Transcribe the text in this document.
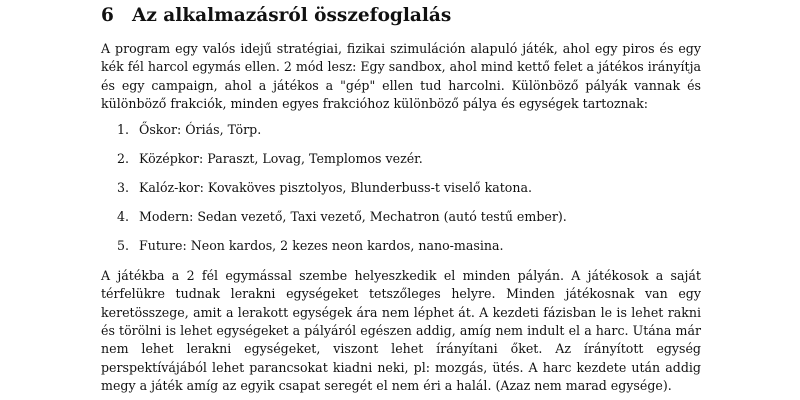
6 Az alkalmazásról összefoglalás

A program egy valós idejű stratégiai, fizikai szimuláción alapuló játék, ahol egy piros és egy kék fél harcol egymás ellen. 2 mód lesz: Egy sandbox, ahol mind kettő felet a játékos irányítja és egy campaign, ahol a játékos a "gép" ellen tud harcolni. Különböző pályák vannak és különböző frakciók, minden egyes frakcióhoz különböző pálya és egységek tartoznak:

1. Őskor: Óriás, Törp.
2. Középkor: Paraszt, Lovag, Templomos vezér.
3. Kalóz-kor: Kovaköves pisztolyos, Blunderbuss-t viselő katona.
4. Modern: Sedan vezető, Taxi vezető, Mechatron (autó testű ember).
5. Future: Neon kardos, 2 kezes neon kardos, nano-masina.

A játékba a 2 fél egymással szembe helyeszkedik el minden pályán. A játékosok a saját térfelükre tudnak lerakni egységeket tetszőleges helyre. Minden játékosnak van egy keretösszege, amit a lerakott egységek ára nem léphet át. A kezdeti fázisban le is lehet rakni és törölni is lehet egységeket a pályáról egészen addig, amíg nem indult el a harc. Utána már nem lehet lerakni egységeket, viszont lehet írányítani őket. Az írányított egység perspektívájából lehet parancsokat kiadni neki, pl: mozgás, ütés. A harc kezdete után addig megy a játék amíg az egyik csapat seregét el nem éri a halál. (Azaz nem marad egysége).
